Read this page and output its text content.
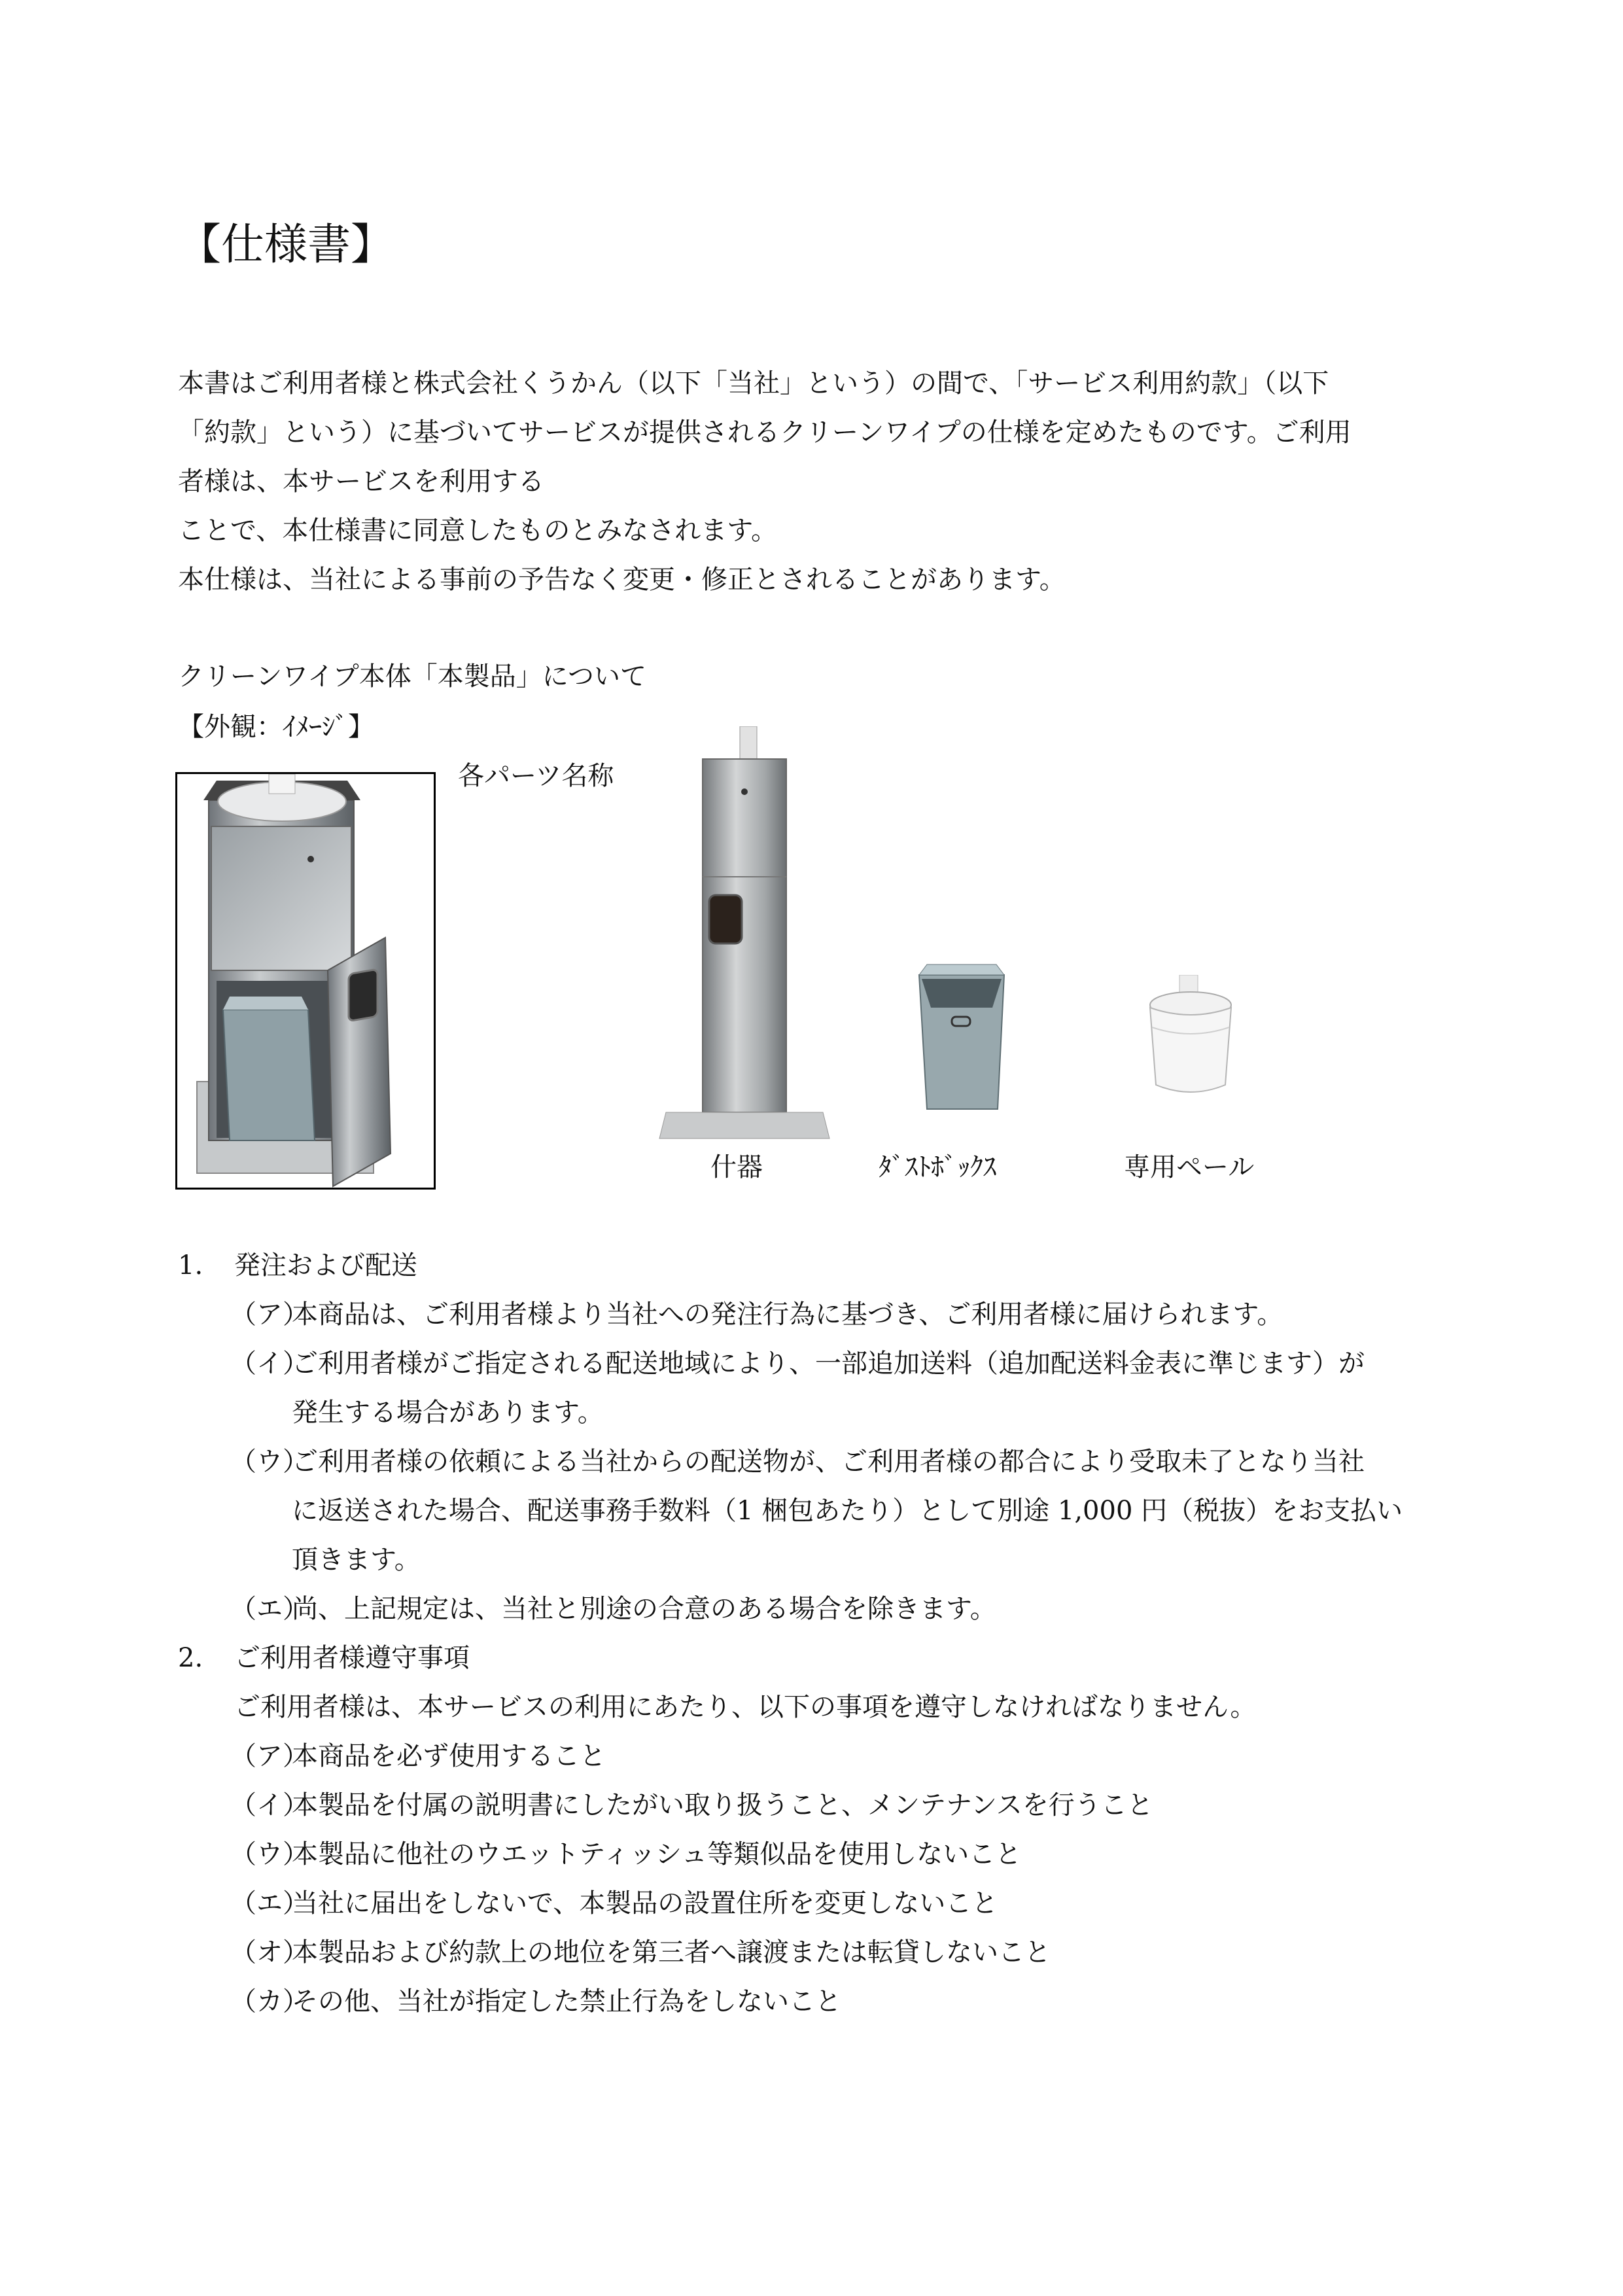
【仕様書】
本書はご利用者様と株式会社くうかん（以下「当社」という）の間で、「サービス利用約款」（以下
「約款」という）に基づいてサービスが提供されるクリーンワイプの仕様を定めたものです。ご利用
者様は、本サービスを利用する
ことで、本仕様書に同意したものとみなされます。
本仕様は、当社による事前の予告なく変更・修正とされることがあります。
クリーンワイプ本体「本製品」について
【外観：ｲﾒｰｼﾞ】
各パーツ名称
什器	ﾀﾞｽﾄﾎﾞｯｸｽ	専用ペール
1. 発注および配送
（ア）
本商品は、ご利用者様より当社への発注行為に基づき、ご利用者様に届けられます。
（イ）
ご利用者様がご指定される配送地域により、一部追加送料（追加配送料金表に準じます）が
発生する場合があります。
（ウ）
ご利用者様の依頼による当社からの配送物が、ご利用者様の都合により受取未了となり当社
に返送された場合、配送事務手数料（1 梱包あたり）として別途 1,000 円（税抜）をお支払い
頂きます。
（エ）
尚、上記規定は、当社と別途の合意のある場合を除きます。
2. ご利用者様遵守事項
ご利用者様は、本サービスの利用にあたり、以下の事項を遵守しなければなりません。
（ア）
本商品を必ず使用すること
（イ）
本製品を付属の説明書にしたがい取り扱うこと、メンテナンスを行うこと
（ウ）
本製品に他社のウエットティッシュ等類似品を使用しないこと
（エ）
当社に届出をしないで、本製品の設置住所を変更しないこと
（オ）
本製品および約款上の地位を第三者へ譲渡または転貸しないこと
（カ）
その他、当社が指定した禁止行為をしないこと
